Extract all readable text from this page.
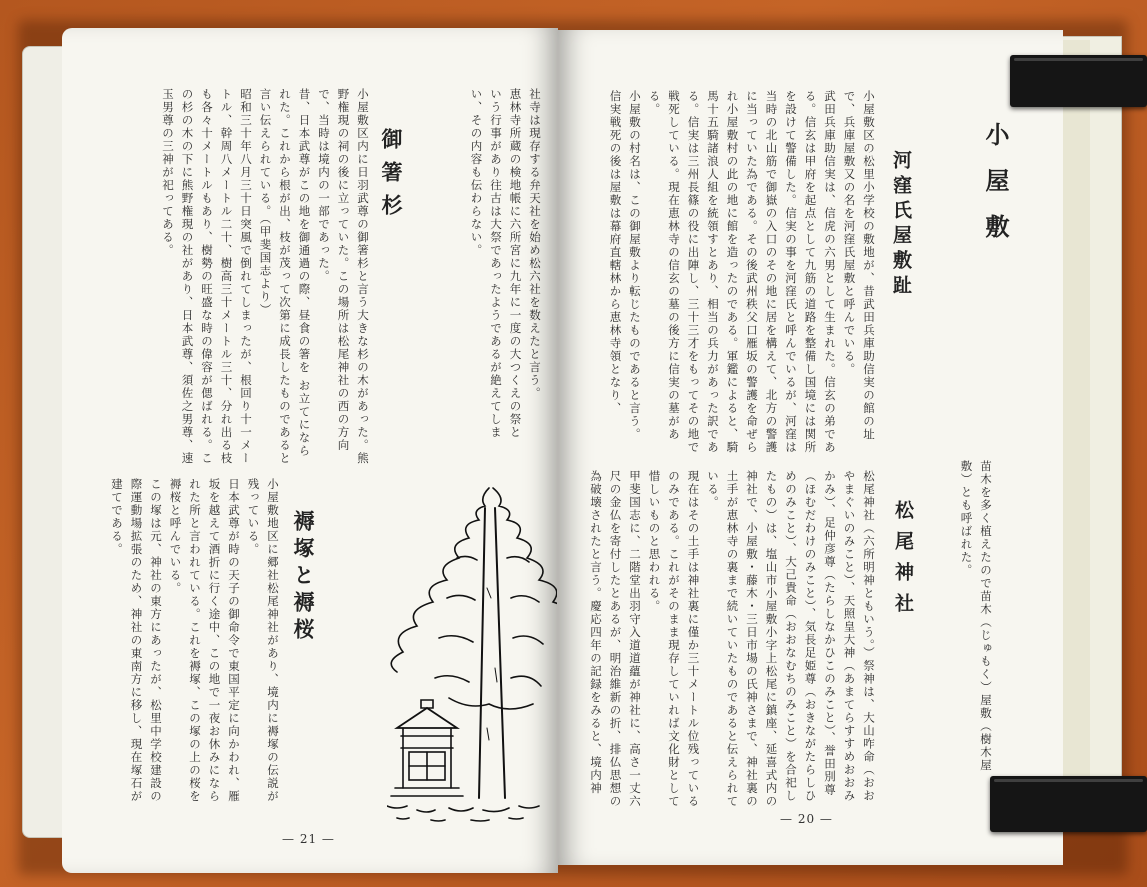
社寺は現存する弁天社を始め松六社を数えたと言う。
恵林寺所蔵の検地帳に六所宮に九年に一度の大つくえの祭という行事があり往古は大祭であったようであるが絶えてしまい、その内容も伝わらない。
御箸杉
小屋敷区内に日羽武尊の御箸杉と言う大きな杉の木があった。熊野権現の祠の後に立っていた。この場所は松尾神社の西の方向で、当時は境内の一部であった。
昔、日本武尊がこの地を御通過の際、昼食の箸を お立てになられた。これから根が出、枝が茂って次第に成長したものであると言い伝えられている。（甲斐国志より）
昭和三十年八月三十日突風で倒れてしまったが、根回り十一メートル、幹周八メートル二十、樹高三十メートル三十、分れ出る枝も各々十メートルもあり、樹勢の旺盛な時の偉容が偲ばれる。この杉の木の下に熊野権現の社があり、日本武尊、須佐之男尊、速玉男尊の三神が祀ってある。
褥塚と褥桜
小屋敷地区に郷社松尾神社があり、境内に褥塚の伝説が残っている。
日本武尊が時の天子の御命令で東国平定に向かわれ、雁坂を越えて酒折に行く途中、この地で一夜お休みになられた所と言われている。これを褥塚、この塚の上の桜を褥桜と呼んでいる。
この塚は元、神社の東方にあったが、松里中学校建設の際運動場拡張のため、神社の東南方に移し、現在塚石が建てである。
— 21 —
小屋敷
苗木を多く植えたので苗木（じゅもく）屋敷（樹木屋敷）とも呼ばれた。
河窪氏屋敷趾
小屋敷区の松里小学校の敷地が、昔武田兵庫助信実の館の址で、兵庫屋敷又の名を河窪氏屋敷と呼んでいる。
武田兵庫助信実は、信虎の六男として生まれた。信玄の弟である。信玄は甲府を起点として九筋の道路を整備し国境には関所を設けて警備した。信実の事を河窪氏と呼んでいるが、河窪は当時の北山筋で御嶽の入口のその地に居を構えて、北方の警護に当っていた為である。その後武州秩父口雁坂の警護を命ぜられ小屋敷村の此の地に館を造ったのである。軍鑑によると、騎馬十五騎諸浪人組を統領すとあり、相当の兵力があった訳である。信実は三州長篠の役に出陣し、三十三才をもってその地で戦死している。現在恵林寺の信玄の墓の後方に信実の墓がある。
小屋敷の村名は、この御屋敷より転じたものであると言う。
信実戦死の後は屋敷は幕府直轄林から恵林寺領となり、
松尾神社
松尾神社（六所明神ともいう。）祭神は、大山咋命（おおやまぐいのみこと）、天照皇大神（あまてらすすめおおみかみ）、足仲彦尊（たらしなかひこのみこと）、誉田別尊（ほむだわけのみこと）、気長足姫尊（おきながたらしひめのみこと）、大己貴命（おおなむちのみこと）を合祀したもの）は、塩山市小屋敷小字上松尾に鎮座、延喜式内の神社で、小屋敷・藤木・三日市場の氏神さまで、神社裏の土手が恵林寺の裏まで続いていたものであると伝えられている。
現在はその土手は神社裏に僅か三十メートル位残っているのみである。これがそのまま現存していれば文化財として惜しいものと思われる。
甲斐国志に、二階堂出羽守入道道蘊が神社に、高さ一丈六尺の金仏を寄付したとあるが、明治維新の折、排仏思想の為破壊されたと言う。慶応四年の記録をみると、境内神
— 20 —
